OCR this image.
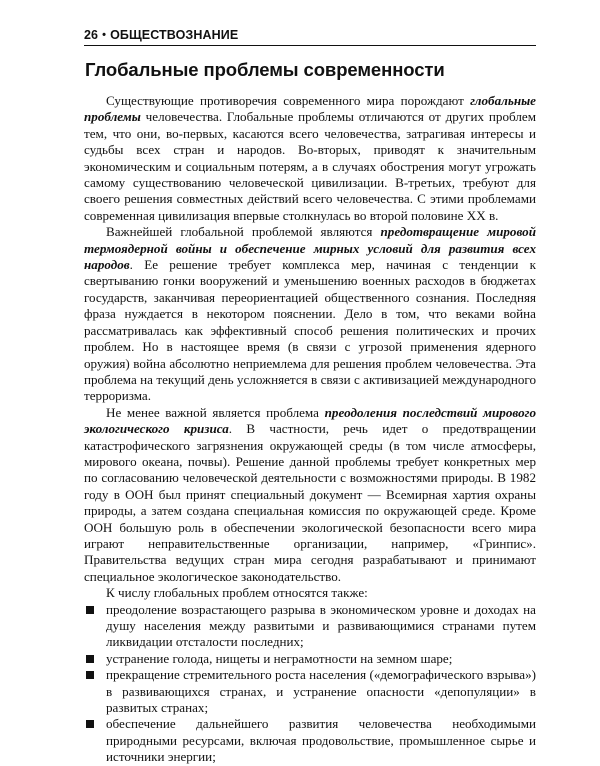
26 • ОБЩЕСТВОЗНАНИЕ
Глобальные проблемы современности

Существующие противоречия современного мира порождают глобальные проблемы человечества. Глобальные проблемы отличаются от других проблем тем, что они, во-первых, касаются всего человечества, затрагивая интересы и судьбы всех стран и народов. Во-вторых, приводят к значительным экономическим и социальным потерям, а в случаях обострения могут угрожать самому существованию человеческой цивилизации. В-третьих, требуют для своего решения совместных действий всего человечества. С этими проблемами современная цивилизация впервые столкнулась во второй половине XX в.

Важнейшей глобальной проблемой являются предотвращение мировой термоядерной войны и обеспечение мирных условий для развития всех народов. Ее решение требует комплекса мер, начиная с тенденции к свертыванию гонки вооружений и уменьшению военных расходов в бюджетах государств, заканчивая переориентацией общественного сознания. Последняя фраза нуждается в некотором пояснении. Дело в том, что веками война рассматривалась как эффективный способ решения политических и прочих проблем. Но в настоящее время (в связи с угрозой применения ядерного оружия) война абсолютно неприемлема для решения проблем человечества. Эта проблема на текущий день усложняется в связи с активизацией международного терроризма.

Не менее важной является проблема преодоления последствий мирового экологического кризиса. В частности, речь идет о предотвращении катастрофического загрязнения окружающей среды (в том числе атмосферы, мирового океана, почвы). Решение данной проблемы требует конкретных мер по согласованию человеческой деятельности с возможностями природы. В 1982 году в ООН был принят специальный документ — Всемирная хартия охраны природы, а затем создана специальная комиссия по окружающей среде. Кроме ООН большую роль в обеспечении экологической безопасности всего мира играют неправительственные организации, например, «Гринпис». Правительства ведущих стран мира сегодня разрабатывают и принимают специальное экологическое законодательство.

К числу глобальных проблем относятся также:

преодоление возрастающего разрыва в экономическом уровне и доходах на душу населения между развитыми и развивающимися странами путем ликвидации отсталости последних;
устранение голода, нищеты и неграмотности на земном шаре;
прекращение стремительного роста населения («демографического взрыва») в развивающихся странах, и устранение опасности «депопуляции» в развитых странах;
обеспечение дальнейшего развития человечества необходимыми природными ресурсами, включая продовольствие, промышленное сырье и источники энергии;
